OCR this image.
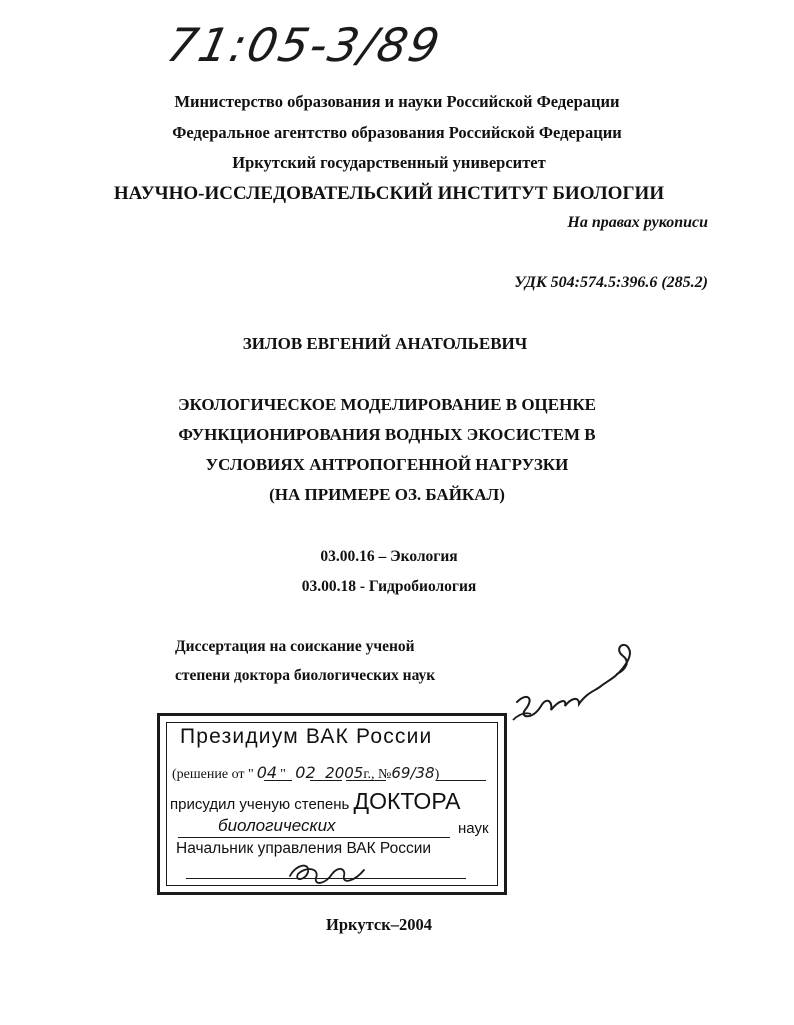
71:05-3/89
Министерство образования и науки Российской Федерации
Федеральное агентство образования Российской Федерации
Иркутский государственный университет
НАУЧНО-ИССЛЕДОВАТЕЛЬСКИЙ ИНСТИТУТ БИОЛОГИИ
На правах рукописи
УДК 504:574.5:396.6 (285.2)
ЗИЛОВ ЕВГЕНИЙ АНАТОЛЬЕВИЧ
ЭКОЛОГИЧЕСКОЕ МОДЕЛИРОВАНИЕ В ОЦЕНКЕ
ФУНКЦИОНИРОВАНИЯ ВОДНЫХ ЭКОСИСТЕМ В
УСЛОВИЯХ АНТРОПОГЕННОЙ НАГРУЗКИ
(НА ПРИМЕРЕ ОЗ. БАЙКАЛ)
03.00.16 – Экология
03.00.18 - Гидробиология
Диссертация на соискание ученой
степени доктора биологических наук
Президиум ВАК России
(решение от " 04 " 02 2005г., №69/38)
присудил ученую степень ДОКТОРА
биологических	наук
Начальник управления ВАК России
Иркутск–2004
